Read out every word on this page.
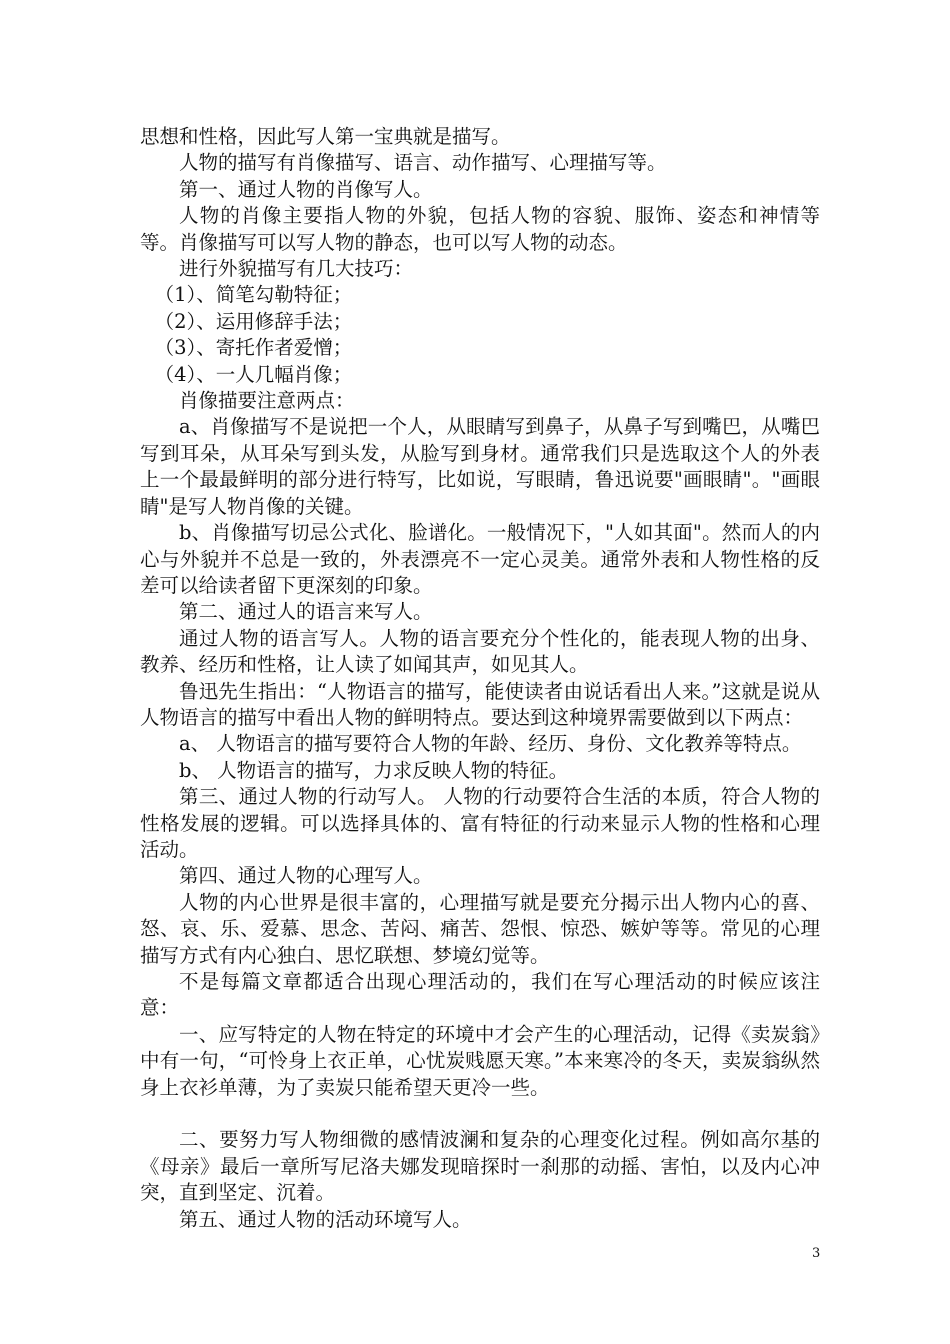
思想和性格，因此写人第一宝典就是描写。

人物的描写有肖像描写、语言、动作描写、心理描写等。

第一、通过人物的肖像写人。

人物的肖像主要指人物的外貌，包括人物的容貌、服饰、姿态和神情等等。肖像描写可以写人物的静态，也可以写人物的动态。

进行外貌描写有几大技巧：

（1）、简笔勾勒特征；

（2）、运用修辞手法；

（3）、寄托作者爱憎；

（4）、一人几幅肖像；

肖像描要注意两点：

a、肖像描写不是说把一个人，从眼睛写到鼻子，从鼻子写到嘴巴，从嘴巴写到耳朵，从耳朵写到头发，从脸写到身材。通常我们只是选取这个人的外表上一个最最鲜明的部分进行特写，比如说，写眼睛，鲁迅说要"画眼睛"。"画眼睛"是写人物肖像的关键。

b、肖像描写切忌公式化、脸谱化。一般情况下，"人如其面"。然而人的内心与外貌并不总是一致的，外表漂亮不一定心灵美。通常外表和人物性格的反差可以给读者留下更深刻的印象。

第二、通过人的语言来写人。

通过人物的语言写人。人物的语言要充分个性化的，能表现人物的出身、教养、经历和性格，让人读了如闻其声，如见其人。

鲁迅先生指出：“人物语言的描写，能使读者由说话看出人来。”这就是说从人物语言的描写中看出人物的鲜明特点。要达到这种境界需要做到以下两点：

a、 人物语言的描写要符合人物的年龄、经历、身份、文化教养等特点。

b、 人物语言的描写，力求反映人物的特征。

第三、通过人物的行动写人。 人物的行动要符合生活的本质，符合人物的性格发展的逻辑。可以选择具体的、富有特征的行动来显示人物的性格和心理活动。

第四、通过人物的心理写人。

人物的内心世界是很丰富的，心理描写就是要充分揭示出人物内心的喜、怒、哀、乐、爱慕、思念、苦闷、痛苦、怨恨、惊恐、嫉妒等等。常见的心理描写方式有内心独白、思忆联想、梦境幻觉等。

不是每篇文章都适合出现心理活动的，我们在写心理活动的时候应该注意：

一、应写特定的人物在特定的环境中才会产生的心理活动，记得《卖炭翁》中有一句，“可怜身上衣正单，心忧炭贱愿天寒。”本来寒冷的冬天，卖炭翁纵然身上衣衫单薄，为了卖炭只能希望天更冷一些。

二、要努力写人物细微的感情波澜和复杂的心理变化过程。例如高尔基的《母亲》最后一章所写尼洛夫娜发现暗探时一刹那的动摇、害怕，以及内心冲突，直到坚定、沉着。

第五、通过人物的活动环境写人。

3
